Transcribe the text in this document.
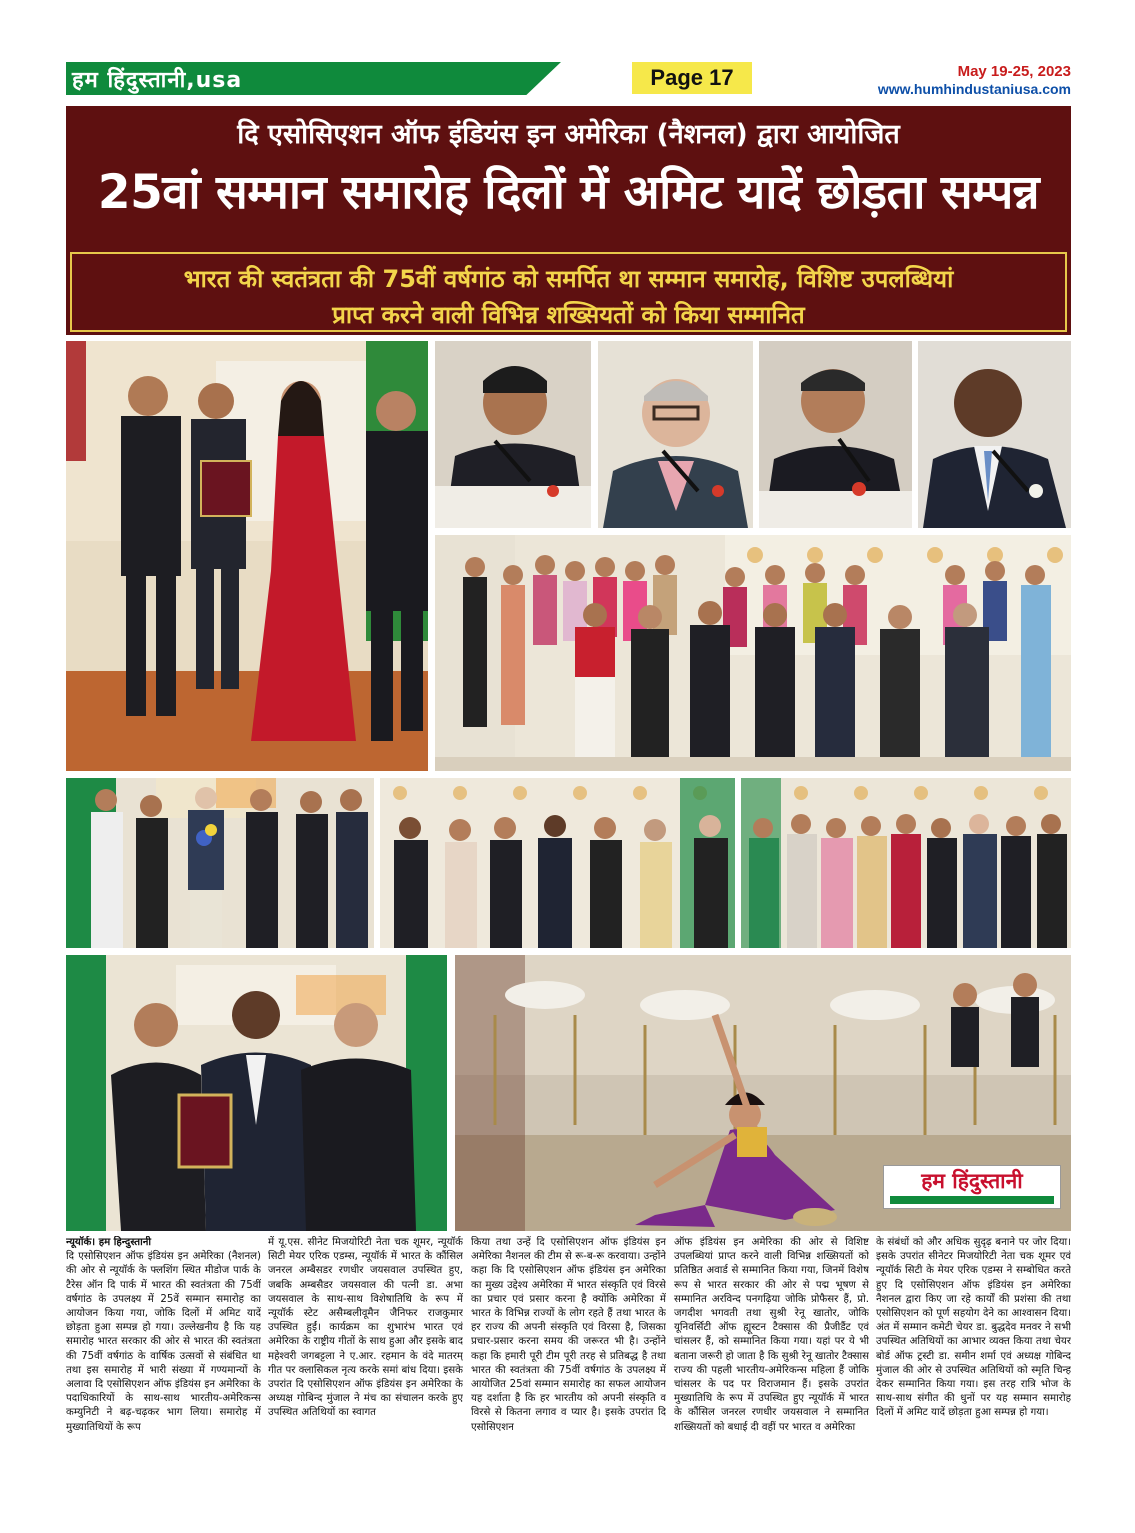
हम हिंदुस्तानी,usa	Page 17	May 19-25, 2023
www.humhindustaniusa.com
दि एसोसिएशन ऑफ इंडियंस इन अमेरिका (नैशनल) द्वारा आयोजित
25वां सम्मान समारोह दिलों में अमिट यादें छोड़ता सम्पन्न
भारत की स्वतंत्रता की 75वीं वर्षगांठ को समर्पित था सम्मान समारोह, विशिष्ट उपलब्धियां
प्राप्त करने वाली विभिन्न शख्सियतों को किया सम्मानित
हम हिंदुस्तानी
न्यूयॉर्क। हम हिन्दुस्तानी
दि एसोसिएशन ऑफ इंडियंस इन अमेरिका (नैशनल) की ओर से न्यूयॉर्क के फ्लशिंग स्थित मीडोज पार्क के टैरेस ऑन दि पार्क में भारत की स्वतंत्रता की 75वीं वर्षगांठ के उपलक्ष्य में 25वें सम्मान समारोह का आयोजन किया गया, जोकि दिलों में अमिट यादें छोड़ता हुआ सम्पन्न हो गया। उल्लेखनीय है कि यह समारोह भारत सरकार की ओर से भारत की स्वतंत्रता की 75वीं वर्षगांठ के वार्षिक उत्सवों से संबंधित था तथा इस समारोह में भारी संख्या में गण्यमान्यों के अलावा दि एसोसिएशन ऑफ इंडियंस इन अमेरिका के पदाधिकारियों के साथ-साथ भारतीय-अमेरिकन्स कम्युनिटी ने बढ़-चढ़कर भाग लिया। समारोह में मुख्यातिथियों के रूप
में यू.एस. सीनेट मिजयोरिटी नेता चक शूमर, न्यूयॉर्क सिटी मेयर एरिक एडम्स, न्यूयॉर्क में भारत के कौंसिल जनरल अम्बैसडर रणधीर जयसवाल उपस्थित हुए, जबकि अम्बसैडर जयसवाल की पत्नी डा. अभा जयसवाल के साथ-साथ विशेषातिथि के रूप में न्यूयॉर्क स्टेट असैम्बलीवूमैन जैनिफर राजकुमार उपस्थित हुईं। कार्यक्रम का शुभारंभ भारत एवं अमेरिका के राष्ट्रीय गीतों के साथ हुआ और इसके बाद महेश्वरी जगबट्टला ने ए.आर. रहमान के वंदे मातरम् गीत पर क्लासिकल नृत्य करके समां बांध दिया। इसके उपरांत दि एसोसिएशन ऑफ इंडियंस इन अमेरिका के अध्यक्ष गोबिन्द मुंजाल ने मंच का संचालन करके हुए उपस्थित अतिथियों का स्वागत
किया तथा उन्हें दि एसोसिएशन ऑफ इंडियंस इन अमेरिका नैशनल की टीम से रू-ब-रू करवाया। उन्होंने कहा कि दि एसोसिएशन ऑफ इंडियंस इन अमेरिका का मुख्य उद्देश्य अमेरिका में भारत संस्कृति एवं विरसे का प्रचार एवं प्रसार करना है क्योंकि अमेरिका में भारत के विभिन्न राज्यों के लोग रहते हैं तथा भारत के हर राज्य की अपनी संस्कृति एवं विरसा है, जिसका प्रचार-प्रसार करना समय की जरूरत भी है। उन्होंने कहा कि हमारी पूरी टीम पूरी तरह से प्रतिबद्ध है तथा भारत की स्वतंत्रता की 75वीं वर्षगांठ के उपलक्ष्य में आयोजित 25वां सम्मान समारोह का सफल आयोजन यह दर्शाता है कि हर भारतीय को अपनी संस्कृति व विरसे से कितना लगाव व प्यार है। इसके उपरांत दि एसोसिएशन
ऑफ इंडियंस इन अमेरिका की ओर से विशिष्ट उपलब्धियां प्राप्त करने वाली विभिन्न शख्सियतों को प्रतिष्ठित अवार्ड से सम्मानित किया गया, जिनमें विशेष रूप से भारत सरकार की ओर से पद्म भूषण से सम्मानित अरविन्द पनगढ़िया जोकि प्रोफैसर हैं, प्रो. जगदीश भगवती तथा सुश्री रेनू खातोर, जोकि यूनिवर्सिटी ऑफ ह्यूस्टन टैक्सास की प्रैजीडैंट एवं चांसलर हैं, को सम्मानित किया गया। यहां पर ये भी बताना जरूरी हो जाता है कि सुश्री रेनू खातोर टैक्सास राज्य की पहली भारतीय-अमेरिकन्स महिला हैं जोकि चांसलर के पद पर विराजमान हैं। इसके उपरांत मुख्यातिथि के रूप में उपस्थित हुए न्यूयॉर्क में भारत के कौंसिल जनरल रणधीर जयसवाल ने सम्मानित शख्सियतों को बधाई दी वहीं पर भारत व अमेरिका
के संबंधों को और अधिक सुदृढ़ बनाने पर जोर दिया। इसके उपरांत सीनेटर मिजयोरिटी नेता चक शूमर एवं न्यूयॉर्क सिटी के मेयर एरिक एडम्स ने सम्बोधित करते हुए दि एसोसिएशन ऑफ इंडियंस इन अमेरिका नैशनल द्वारा किए जा रहे कार्यों की प्रशंसा की तथा एसोसिएशन को पूर्ण सहयोग देने का आश्वासन दिया। अंत में सम्मान कमेटी चेयर डा. बुद्धदेव मनवर ने सभी उपस्थित अतिथियों का आभार व्यक्त किया तथा चेयर बोर्ड ऑफ ट्रस्टी डा. समीन शर्मा एवं अध्यक्ष गोबिन्द मुंजाल की ओर से उपस्थित अतिथियों को स्मृति चिन्ह देकर सम्मानित किया गया। इस तरह रात्रि भोज के साथ-साथ संगीत की धुनों पर यह सम्मान समारोह दिलों में अमिट यादें छोड़ता हुआ सम्पन्न हो गया।
